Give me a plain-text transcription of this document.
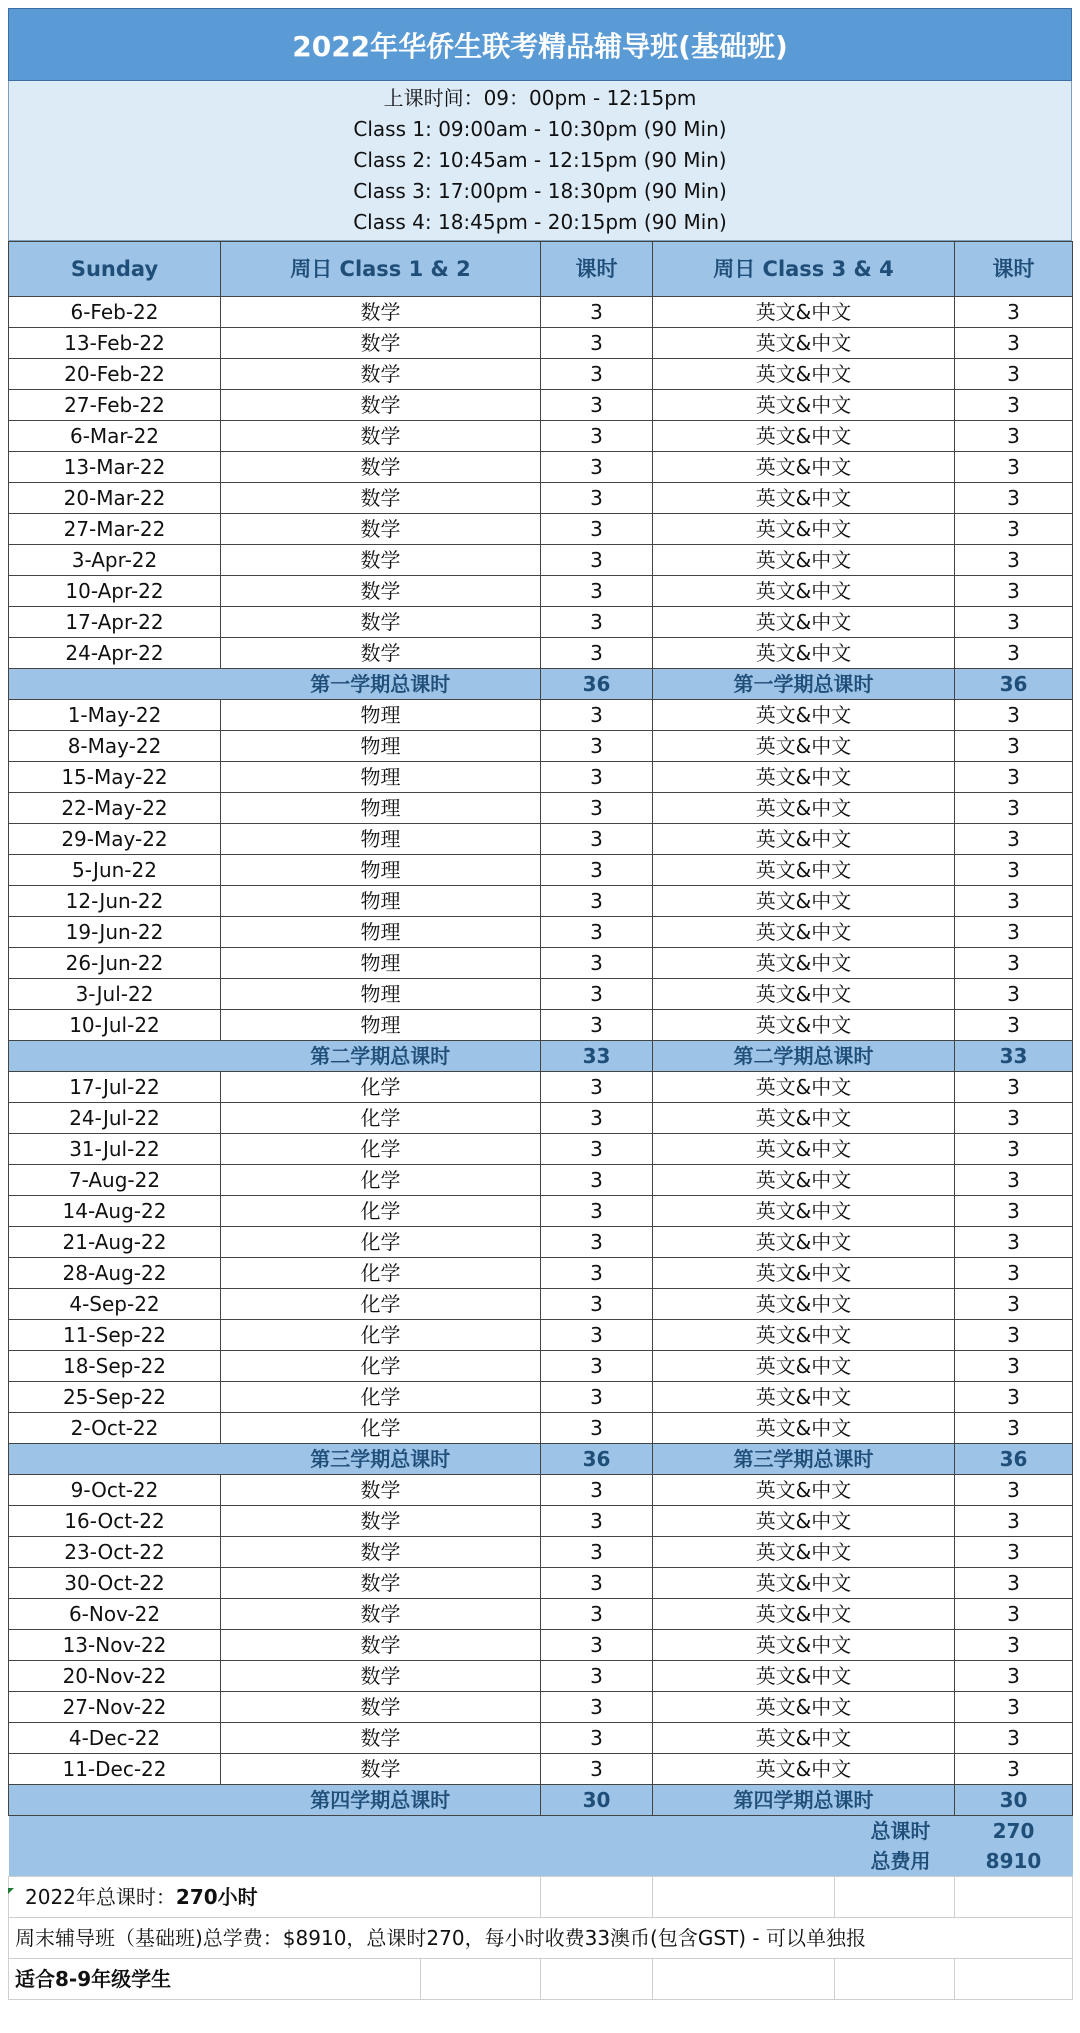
2022年华侨生联考精品辅导班(基础班)
上课时间：09：00pm - 12:15pm
Class 1: 09:00am - 10:30pm (90 Min)
Class 2: 10:45am - 12:15pm (90 Min)
Class 3: 17:00pm - 18:30pm (90 Min)
Class 4: 18:45pm - 20:15pm (90 Min)
Sunday	周日 Class 1 & 2	课时	周日 Class 3 & 4	课时
6-Feb-22	数学	3	英文&中文	3
13-Feb-22	数学	3	英文&中文	3
20-Feb-22	数学	3	英文&中文	3
27-Feb-22	数学	3	英文&中文	3
6-Mar-22	数学	3	英文&中文	3
13-Mar-22	数学	3	英文&中文	3
20-Mar-22	数学	3	英文&中文	3
27-Mar-22	数学	3	英文&中文	3
3-Apr-22	数学	3	英文&中文	3
10-Apr-22	数学	3	英文&中文	3
17-Apr-22	数学	3	英文&中文	3
24-Apr-22	数学	3	英文&中文	3
	第一学期总课时	36	第一学期总课时	36
1-May-22	物理	3	英文&中文	3
8-May-22	物理	3	英文&中文	3
15-May-22	物理	3	英文&中文	3
22-May-22	物理	3	英文&中文	3
29-May-22	物理	3	英文&中文	3
5-Jun-22	物理	3	英文&中文	3
12-Jun-22	物理	3	英文&中文	3
19-Jun-22	物理	3	英文&中文	3
26-Jun-22	物理	3	英文&中文	3
3-Jul-22	物理	3	英文&中文	3
10-Jul-22	物理	3	英文&中文	3
	第二学期总课时	33	第二学期总课时	33
17-Jul-22	化学	3	英文&中文	3
24-Jul-22	化学	3	英文&中文	3
31-Jul-22	化学	3	英文&中文	3
7-Aug-22	化学	3	英文&中文	3
14-Aug-22	化学	3	英文&中文	3
21-Aug-22	化学	3	英文&中文	3
28-Aug-22	化学	3	英文&中文	3
4-Sep-22	化学	3	英文&中文	3
11-Sep-22	化学	3	英文&中文	3
18-Sep-22	化学	3	英文&中文	3
25-Sep-22	化学	3	英文&中文	3
2-Oct-22	化学	3	英文&中文	3
	第三学期总课时	36	第三学期总课时	36
9-Oct-22	数学	3	英文&中文	3
16-Oct-22	数学	3	英文&中文	3
23-Oct-22	数学	3	英文&中文	3
30-Oct-22	数学	3	英文&中文	3
6-Nov-22	数学	3	英文&中文	3
13-Nov-22	数学	3	英文&中文	3
20-Nov-22	数学	3	英文&中文	3
27-Nov-22	数学	3	英文&中文	3
4-Dec-22	数学	3	英文&中文	3
11-Dec-22	数学	3	英文&中文	3
	第四学期总课时	30	第四学期总课时	30
总课时				270
总费用				8910
2022年总课时：270小时					
周末辅导班（基础班)总学费：$8910，总课时270，每小时收费33澳币(包含GST) - 可以单独报					
适合8-9年级学生					
